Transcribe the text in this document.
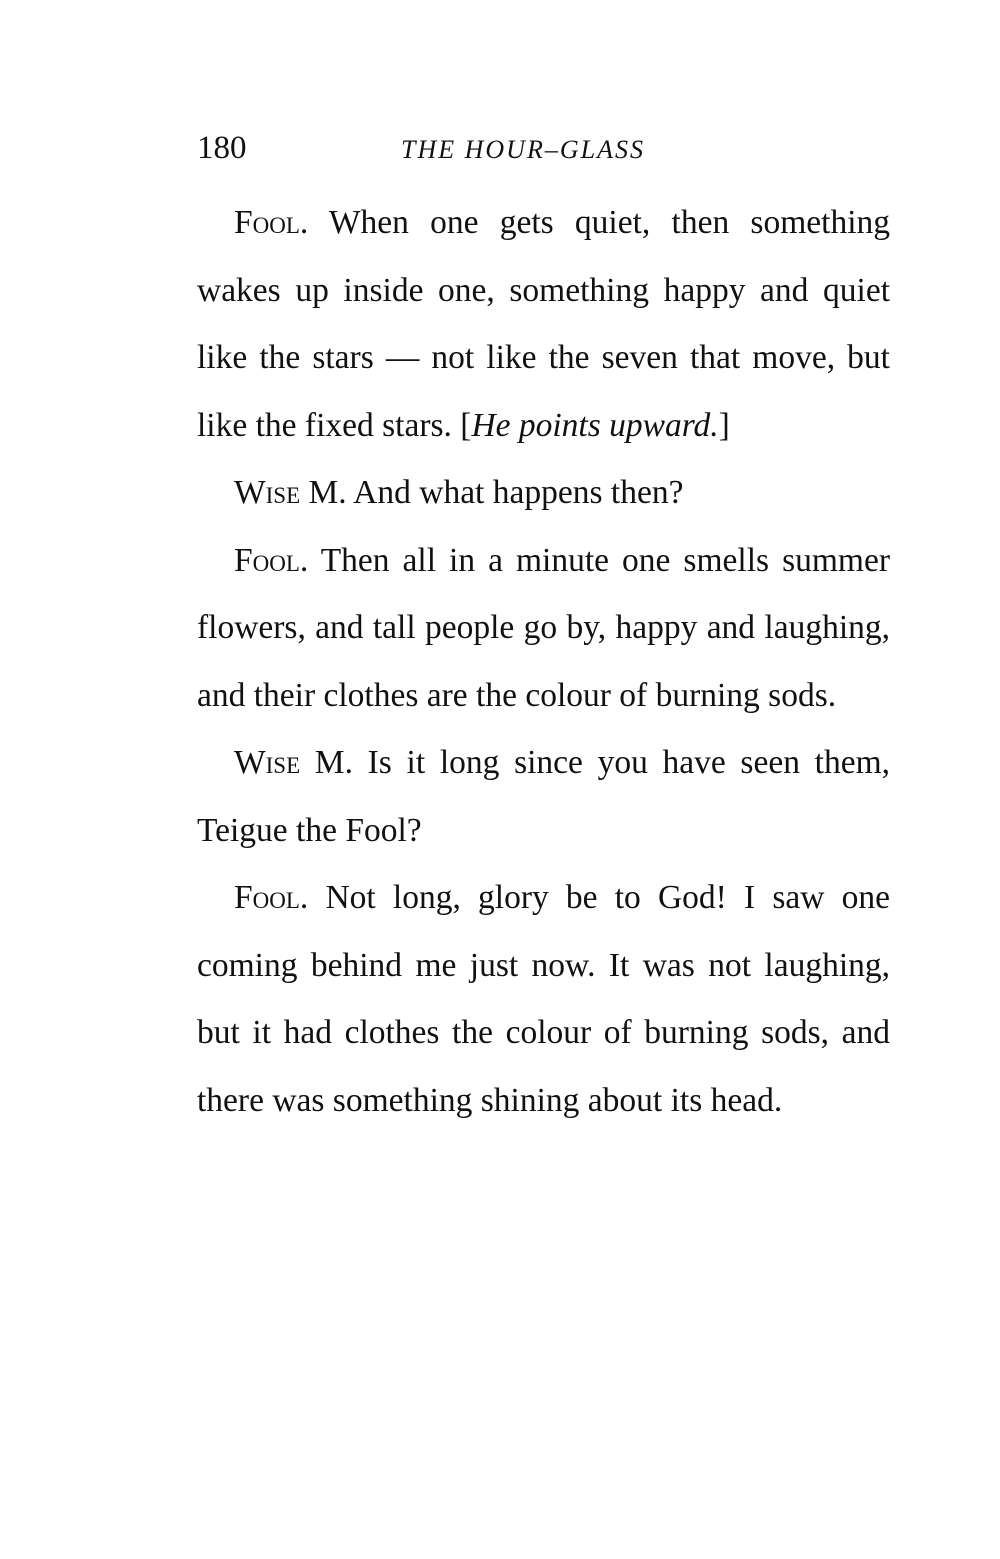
180	THE HOUR–GLASS

Fool. When one gets quiet, then something wakes up inside one, something happy and quiet like the stars — not like the seven that move, but like the fixed stars. [He points upward.]

Wise M. And what happens then?

Fool. Then all in a minute one smells summer flowers, and tall people go by, happy and laughing, and their clothes are the colour of burning sods.

Wise M. Is it long since you have seen them, Teigue the Fool?

Fool. Not long, glory be to God! I saw one coming behind me just now. It was not laughing, but it had clothes the colour of burning sods, and there was something shining about its head.
